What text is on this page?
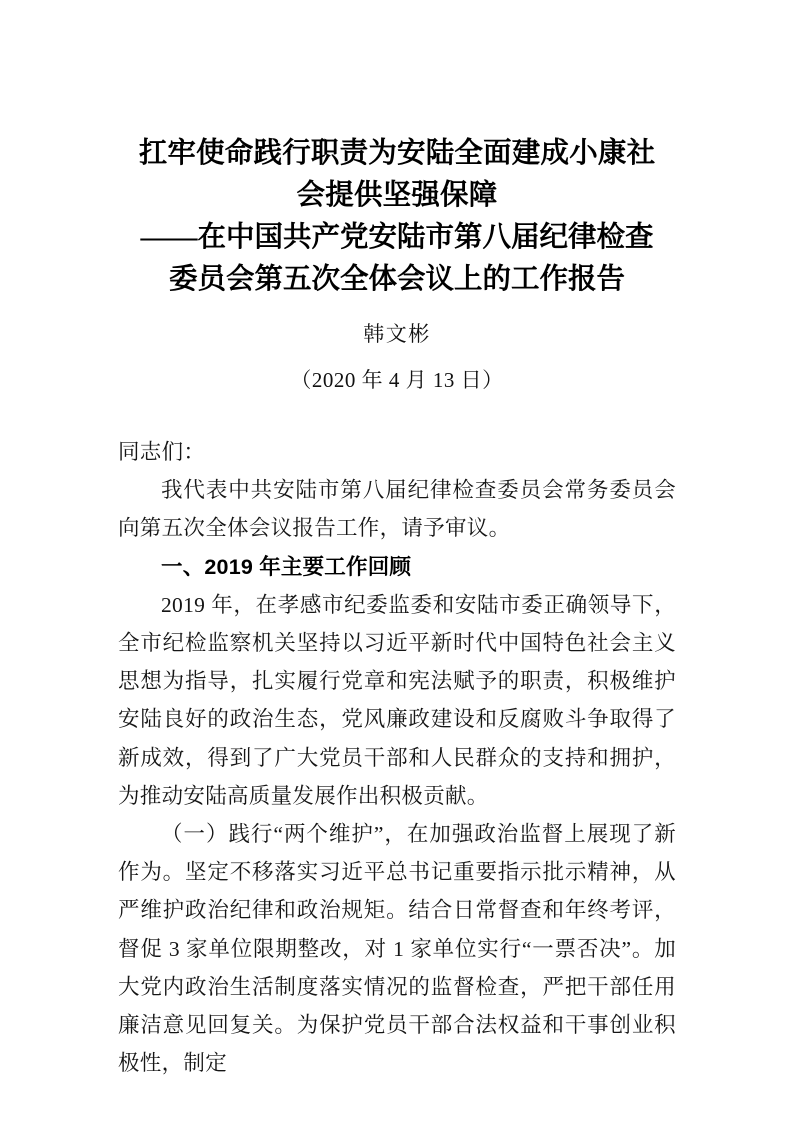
扛牢使命践行职责为安陆全面建成小康社
会提供坚强保障
——在中国共产党安陆市第八届纪律检查
委员会第五次全体会议上的工作报告
韩文彬
（2020 年 4 月 13 日）

同志们：

我代表中共安陆市第八届纪律检查委员会常务委员会向第五次全体会议报告工作，请予审议。

一、2019 年主要工作回顾

2019 年，在孝感市纪委监委和安陆市委正确领导下，全市纪检监察机关坚持以习近平新时代中国特色社会主义思想为指导，扎实履行党章和宪法赋予的职责，积极维护安陆良好的政治生态，党风廉政建设和反腐败斗争取得了新成效，得到了广大党员干部和人民群众的支持和拥护，为推动安陆高质量发展作出积极贡献。

（一）践行“两个维护”，在加强政治监督上展现了新作为。坚定不移落实习近平总书记重要指示批示精神，从严维护政治纪律和政治规矩。结合日常督查和年终考评，督促 3 家单位限期整改，对 1 家单位实行“一票否决”。加大党内政治生活制度落实情况的监督检查，严把干部任用廉洁意见回复关。为保护党员干部合法权益和干事创业积极性，制定
